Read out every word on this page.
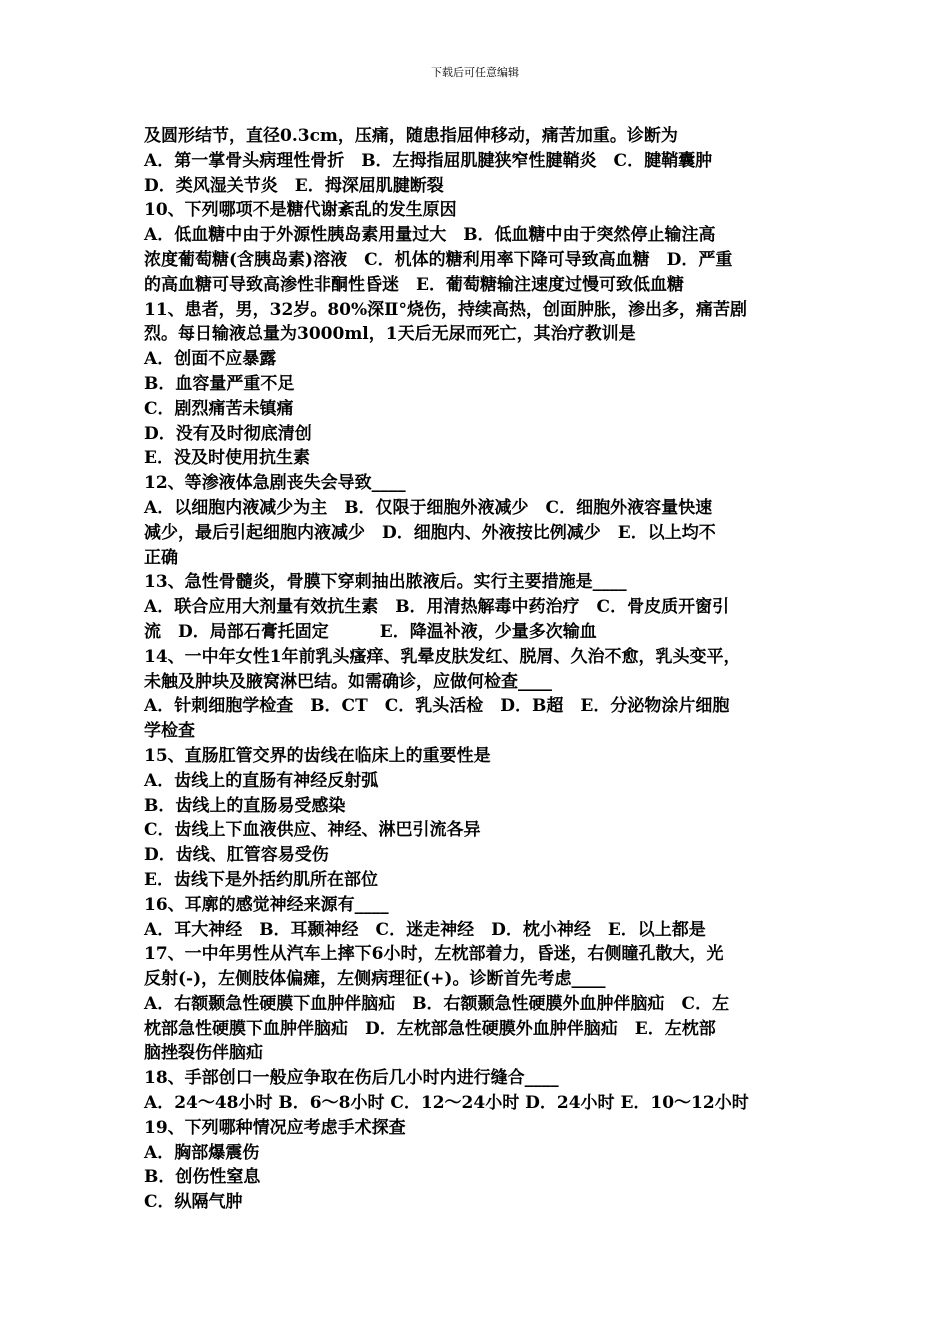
下载后可任意编辑
及圆形结节，直径0.3cm，压痛，随患指屈伸移动，痛苦加重。诊断为
A．第一掌骨头病理性骨折　B．左拇指屈肌腱狭窄性腱鞘炎　C．腱鞘囊肿
D．类风湿关节炎　E．拇深屈肌腱断裂
10、下列哪项不是糖代谢紊乱的发生原因
A．低血糖中由于外源性胰岛素用量过大　B．低血糖中由于突然停止输注高
浓度葡萄糖(含胰岛素)溶液　C．机体的糖利用率下降可导致高血糖　D．严重
的高血糖可导致高渗性非酮性昏迷　E．葡萄糖输注速度过慢可致低血糖
11、患者，男，32岁。80%深Ⅱ°烧伤，持续高热，创面肿胀，渗出多，痛苦剧
烈。每日输液总量为3000ml，1天后无尿而死亡，其治疗教训是
A．创面不应暴露
B．血容量严重不足
C．剧烈痛苦未镇痛
D．没有及时彻底清创
E．没及时使用抗生素
12、等渗液体急剧丧失会导致____
A．以细胞内液减少为主　B．仅限于细胞外液减少　C．细胞外液容量快速
减少，最后引起细胞内液减少　D．细胞内、外液按比例减少　E．以上均不
正确
13、急性骨髓炎，骨膜下穿刺抽出脓液后。实行主要措施是____
A．联合应用大剂量有效抗生素　B．用清热解毒中药治疗　C．骨皮质开窗引
流　D．局部石膏托固定　　　E．降温补液，少量多次输血
14、一中年女性1年前乳头瘙痒、乳晕皮肤发红、脱屑、久治不愈，乳头变平，
未触及肿块及腋窝淋巴结。如需确诊，应做何检查____
A．针刺细胞学检查　B．CT　C．乳头活检　D．B超　E．分泌物涂片细胞
学检查
15、直肠肛管交界的齿线在临床上的重要性是
A．齿线上的直肠有神经反射弧
B．齿线上的直肠易受感染
C．齿线上下血液供应、神经、淋巴引流各异
D．齿线、肛管容易受伤
E．齿线下是外括约肌所在部位
16、耳廓的感觉神经来源有____
A．耳大神经　B．耳颞神经　C．迷走神经　D．枕小神经　E．以上都是
17、一中年男性从汽车上摔下6小时，左枕部着力，昏迷，右侧瞳孔散大，光
反射(-)，左侧肢体偏瘫，左侧病理征(+)。诊断首先考虑____
A．右额颞急性硬膜下血肿伴脑疝　B．右额颞急性硬膜外血肿伴脑疝　C．左
枕部急性硬膜下血肿伴脑疝　D．左枕部急性硬膜外血肿伴脑疝　E．左枕部
脑挫裂伤伴脑疝
18、手部创口一般应争取在伤后几小时内进行缝合____
A．24～48小时 B．6～8小时 C．12～24小时 D．24小时 E．10～12小时
19、下列哪种情况应考虑手术探查
A．胸部爆震伤
B．创伤性窒息
C．纵隔气肿
